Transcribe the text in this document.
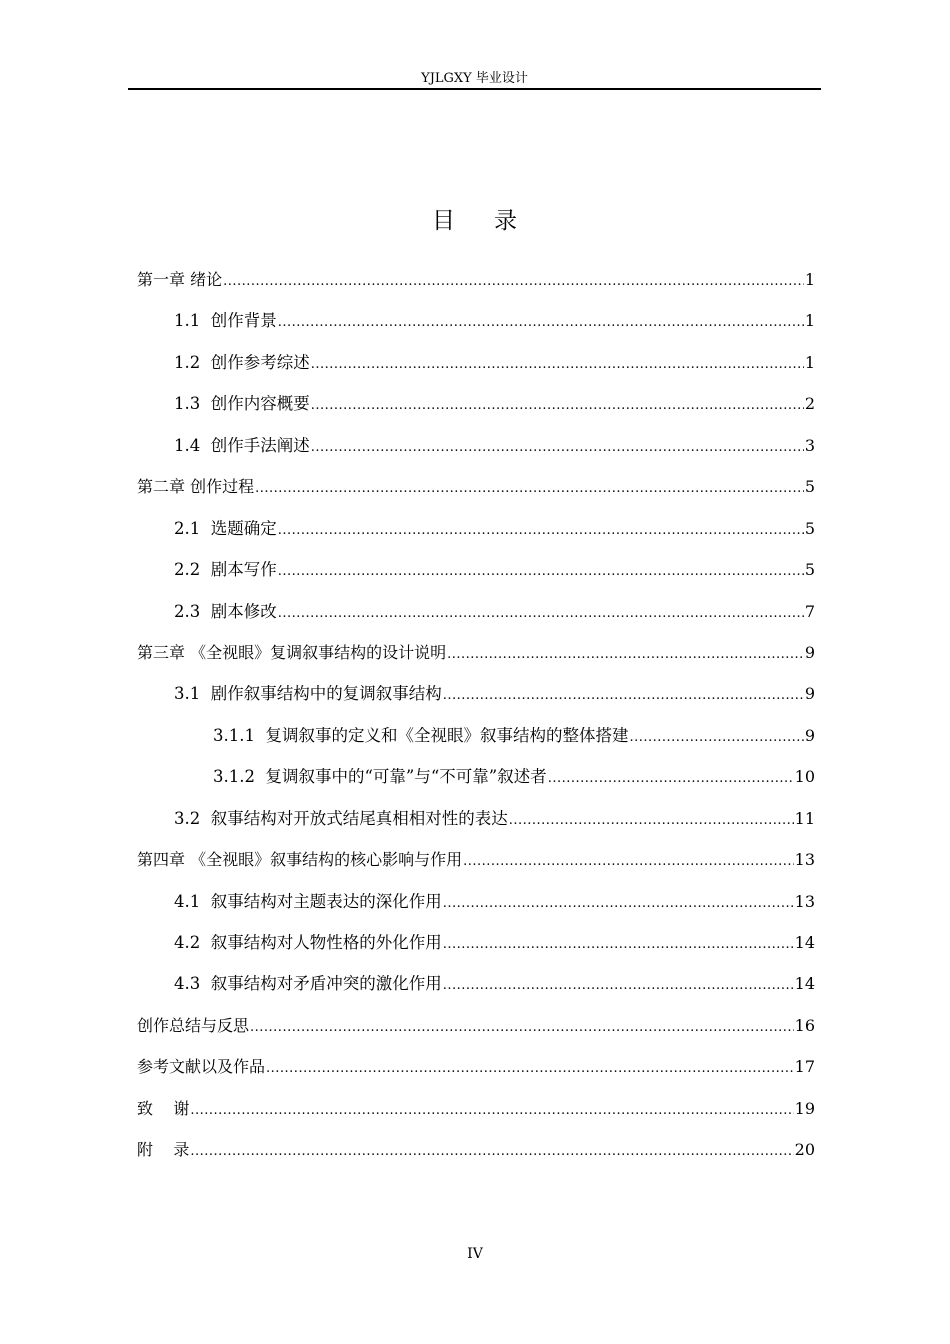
YJLGXY 毕业设计
目 录
第一章 绪论 .....	1
1.1 创作背景 .....	1
1.2 创作参考综述 .....	1
1.3 创作内容概要 .....	2
1.4 创作手法阐述 .....	3
第二章 创作过程 .....	5
2.1 选题确定 .....	5
2.2 剧本写作 .....	5
2.3 剧本修改 .....	7
第三章 《全视眼》复调叙事结构的设计说明 .....	9
3.1 剧作叙事结构中的复调叙事结构 .....	9
3.1.1 复调叙事的定义和《全视眼》叙事结构的整体搭建 .....	9
3.1.2 复调叙事中的“可靠”与“不可靠”叙述者 .....	10
3.2 叙事结构对开放式结尾真相相对性的表达 .....	11
第四章 《全视眼》叙事结构的核心影响与作用 .....	13
4.1 叙事结构对主题表达的深化作用 .....	13
4.2 叙事结构对人物性格的外化作用 .....	14
4.3 叙事结构对矛盾冲突的激化作用 .....	14
创作总结与反思 .....	16
参考文献以及作品 .....	17
致    谢 .....	19
附    录 .....	20
IV
